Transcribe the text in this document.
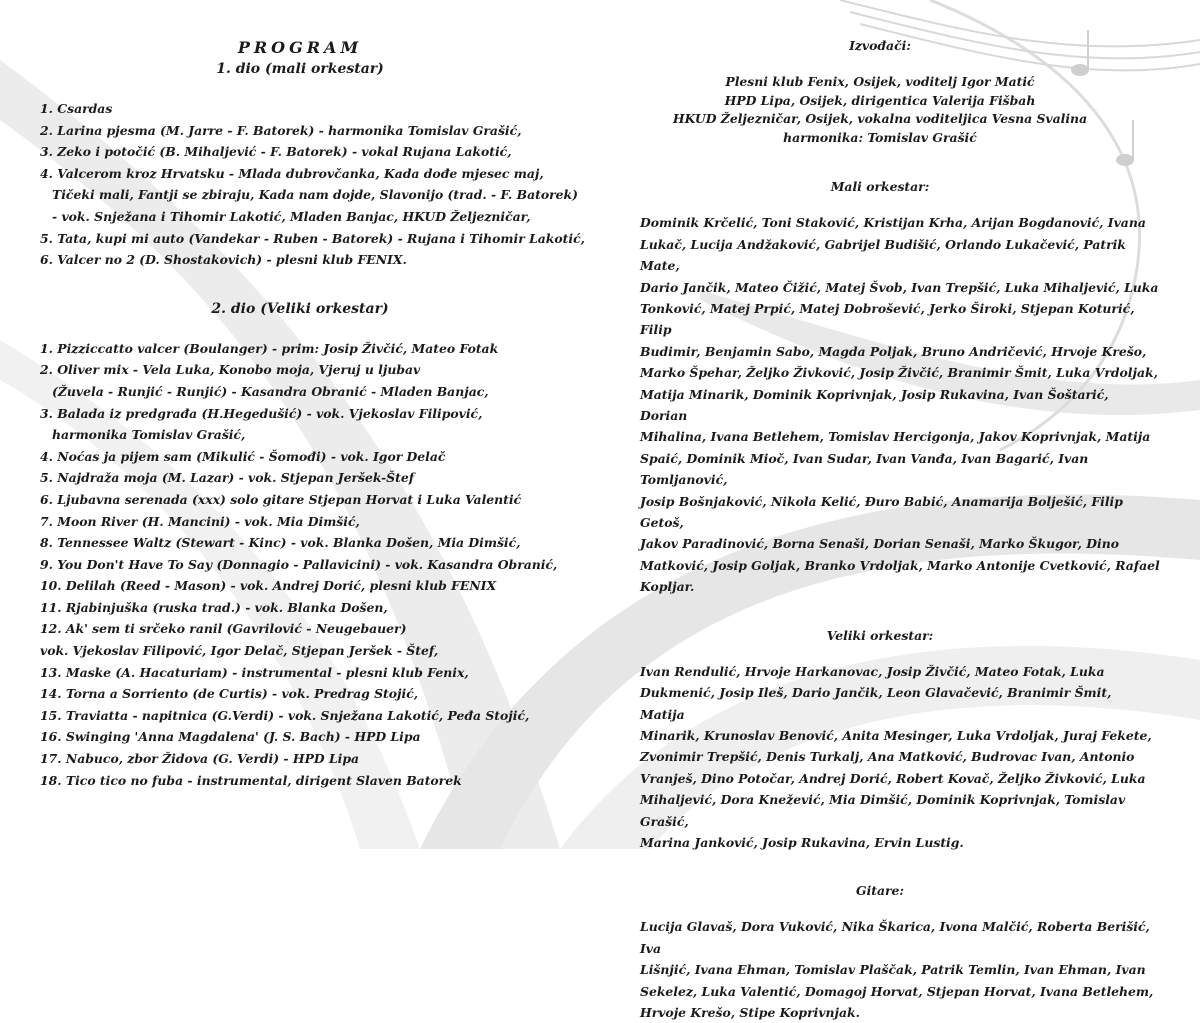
PROGRAM
1. dio (mali orkestar)
1. Csardas
2. Larina pjesma (M. Jarre - F. Batorek) - harmonika Tomislav Grašić,
3. Zeko i potočić (B. Mihaljević - F. Batorek) - vokal Rujana Lakotić,
4. Valcerom kroz Hrvatsku - Mlada dubrovčanka, Kada dođe mjesec maj,
Tičeki mali, Fantji se zbiraju, Kada nam dojde, Slavonijo (trad. - F. Batorek)
- vok. Snježana i Tihomir Lakotić, Mladen Banjac, HKUD Željezničar,
5. Tata, kupi mi auto (Vandekar - Ruben - Batorek) - Rujana i Tihomir Lakotić,
6. Valcer no 2 (D. Shostakovich) - plesni klub FENIX.
2. dio (Veliki orkestar)
1. Pizziccatto valcer (Boulanger) - prim: Josip Živčić, Mateo Fotak
2. Oliver mix - Vela Luka, Konobo moja, Vjeruj u ljubav
(Žuvela - Runjić - Runjić) - Kasandra Obranić - Mladen Banjac,
3. Balada iz predgrađa (H.Hegedušić) - vok. Vjekoslav Filipović,
harmonika Tomislav Grašić,
4. Noćas ja pijem sam (Mikulić - Šomođi) - vok. Igor Delač
5. Najdraža moja (M. Lazar) - vok. Stjepan Jeršek-Štef
6. Ljubavna serenada (xxx) solo gitare Stjepan Horvat i Luka Valentić
7. Moon River (H. Mancini) - vok. Mia Dimšić,
8. Tennessee Waltz (Stewart - Kinc) - vok. Blanka Došen, Mia Dimšić,
9. You Don't Have To Say (Donnagio - Pallavicini) - vok. Kasandra Obranić,
10. Delilah (Reed - Mason) - vok. Andrej Dorić, plesni klub FENIX
11. Rjabinjuška (ruska trad.) - vok. Blanka Došen,
12. Ak' sem ti srčeko ranil (Gavrilović - Neugebauer)
vok. Vjekoslav Filipović, Igor Delač, Stjepan Jeršek - Štef,
13. Maske (A. Hacaturiam) - instrumental - plesni klub Fenix,
14. Torna a Sorriento (de Curtis) - vok. Predrag Stojić,
15. Traviatta - napitnica (G.Verdi) - vok. Snježana Lakotić, Peđa Stojić,
16. Swinging 'Anna Magdalena' (J. S. Bach) - HPD Lipa
17. Nabuco, zbor Židova (G. Verdi) - HPD Lipa
18. Tico tico no fuba - instrumental, dirigent Slaven Batorek

Izvođači:

Plesni klub Fenix, Osijek, voditelj Igor Matić

HPD Lipa, Osijek, dirigentica Valerija Fišbah

HKUD Željezničar, Osijek, vokalna voditeljica Vesna Svalina

harmonika: Tomislav Grašić

Mali orkestar:

Dominik Krčelić, Toni Staković, Kristijan Krha, Arijan Bogdanović, Ivana

Lukač, Lucija Andžaković, Gabrijel Budišić, Orlando Lukačević, Patrik Mate,

Dario Jančik, Mateo Čižić, Matej Švob, Ivan Trepšić, Luka Mihaljević, Luka

Tonković, Matej Prpić, Matej Dobrošević, Jerko Široki, Stjepan Koturić, Filip

Budimir, Benjamin Sabo, Magda Poljak, Bruno Andričević, Hrvoje Krešo,

Marko Špehar, Željko Živković, Josip Živčić, Branimir Šmit, Luka Vrdoljak,

Matija Minarik, Dominik Koprivnjak, Josip Rukavina, Ivan Šoštarić, Dorian

Mihalina, Ivana Betlehem, Tomislav Hercigonja, Jakov Koprivnjak, Matija

Spaić, Dominik Mioč, Ivan Sudar, Ivan Vanđa, Ivan Bagarić, Ivan Tomljanović,

Josip Bošnjaković, Nikola Kelić, Đuro Babić, Anamarija Bolješić, Filip Getoš,

Jakov Paradinović, Borna Senaši, Dorian Senaši, Marko Škugor, Dino

Matković, Josip Goljak, Branko Vrdoljak, Marko Antonije Cvetković, Rafael

Kopljar.

Veliki orkestar:

Ivan Rendulić, Hrvoje Harkanovac, Josip Živčić, Mateo Fotak, Luka

Dukmenić, Josip Ileš, Dario Jančik, Leon Glavačević, Branimir Šmit, Matija

Minarik, Krunoslav Benović, Anita Mesinger, Luka Vrdoljak, Juraj Fekete,

Zvonimir Trepšić, Denis Turkalj, Ana Matković, Budrovac Ivan, Antonio

Vranješ, Dino Potočar, Andrej Dorić, Robert Kovač, Željko Živković, Luka

Mihaljević, Dora Knežević, Mia Dimšić, Dominik Koprivnjak, Tomislav Grašić,

Marina Janković, Josip Rukavina, Ervin Lustig.

Gitare:

Lucija Glavaš, Dora Vuković, Nika Škarica, Ivona Malčić, Roberta Berišić, Iva

Lišnjić, Ivana Ehman, Tomislav Plaščak, Patrik Temlin, Ivan Ehman, Ivan

Sekelez, Luka Valentić, Domagoj Horvat, Stjepan Horvat, Ivana Betlehem,

Hrvoje Krešo, Stipe Koprivnjak.
